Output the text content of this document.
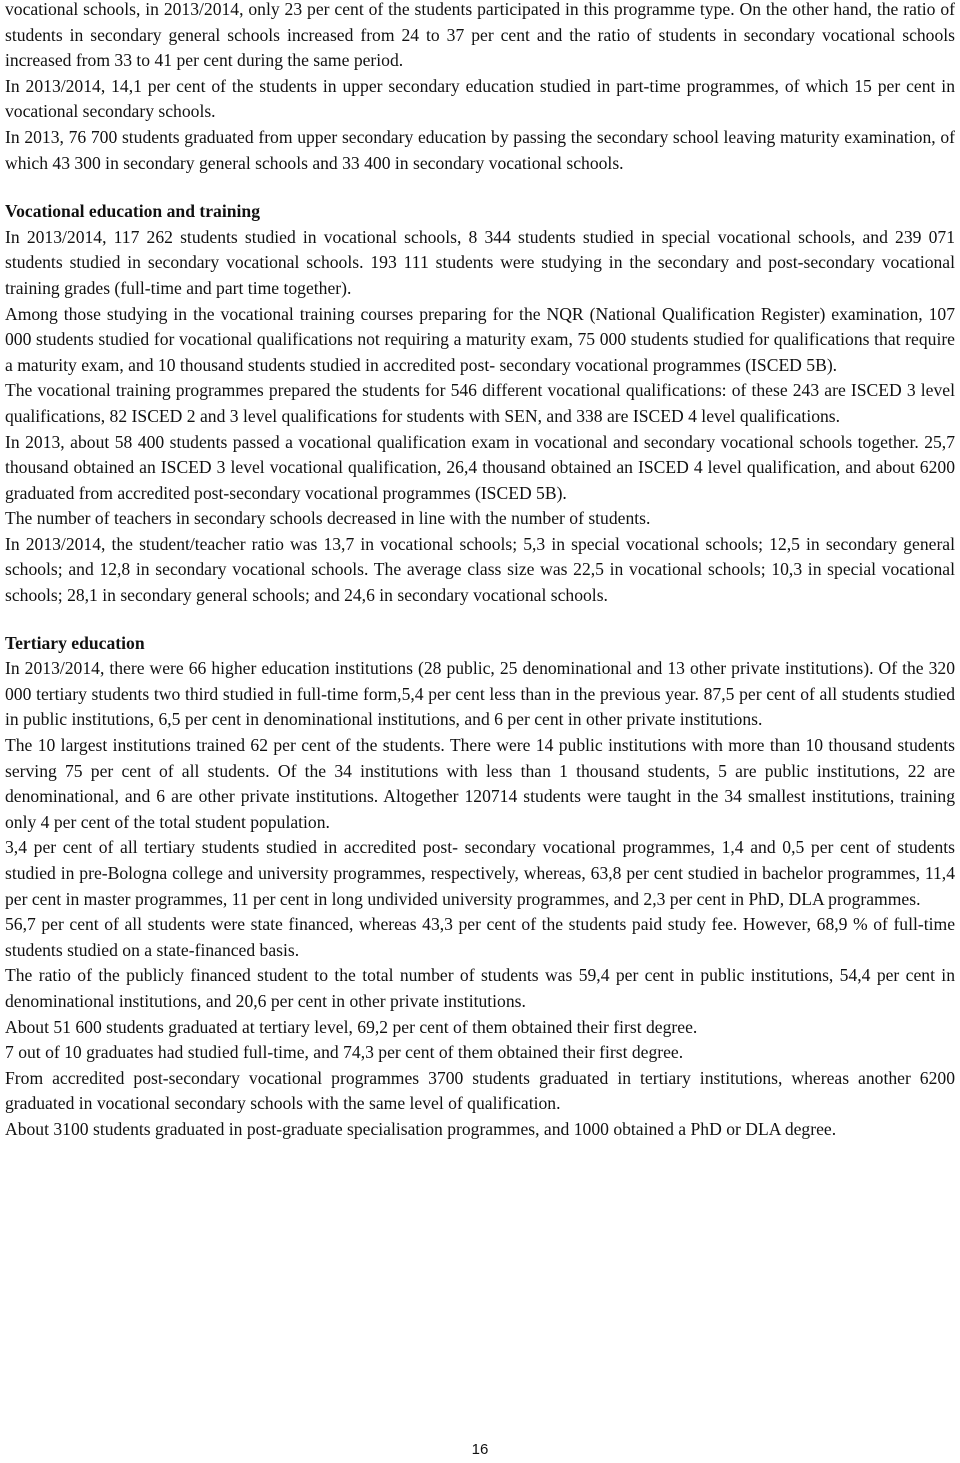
vocational schools, in 2013/2014, only 23 per cent of the students participated in this programme type. On the other hand, the ratio of students in secondary general schools increased from 24 to 37 per cent and the ratio of students in secondary vocational schools increased from 33 to 41 per cent during the same period.

In 2013/2014, 14,1 per cent of the students in upper secondary education studied in part-time programmes, of which 15 per cent in vocational secondary schools.

In 2013, 76 700 students graduated from upper secondary education by passing the secondary school leaving maturity examination, of which 43 300 in secondary general schools and 33 400 in secondary vocational schools.

Vocational education and training

In 2013/2014, 117 262 students studied in vocational schools, 8 344 students studied in special vocational schools, and 239 071 students studied in secondary vocational schools. 193 111 students were studying in the secondary and post-secondary vocational training grades (full-time and part time together).

Among those studying in the vocational training courses preparing for the NQR (National Qualification Register) examination, 107 000 students studied for vocational qualifications not requiring a maturity exam, 75 000 students studied for qualifications that require a maturity exam, and 10 thousand students studied in accredited post- secondary vocational programmes (ISCED 5B).

The vocational training programmes prepared the students for 546 different vocational qualifications: of these 243 are ISCED 3 level qualifications, 82 ISCED 2 and 3 level qualifications for students with SEN, and 338 are ISCED 4 level qualifications.

In 2013, about 58 400 students passed a vocational qualification exam in vocational and secondary vocational schools together. 25,7 thousand obtained an ISCED 3 level vocational qualification, 26,4 thousand obtained an ISCED 4 level qualification, and about 6200 graduated from accredited post-secondary vocational programmes (ISCED 5B).

The number of teachers in secondary schools decreased in line with the number of students.

In 2013/2014, the student/teacher ratio was 13,7 in vocational schools; 5,3 in special vocational schools; 12,5 in secondary general schools; and 12,8 in secondary vocational schools. The average class size was 22,5 in vocational schools; 10,3 in special vocational schools; 28,1 in secondary general schools; and 24,6 in secondary vocational schools.

Tertiary education

In 2013/2014, there were 66 higher education institutions (28 public, 25 denominational and 13 other private institutions). Of the 320 000 tertiary students two third studied in full-time form,5,4 per cent less than in the previous year. 87,5 per cent of all students studied in public institutions, 6,5 per cent in denominational institutions, and 6 per cent in other private institutions.

The 10 largest institutions trained 62 per cent of the students. There were 14 public institutions with more than 10 thousand students serving 75 per cent of all students. Of the 34 institutions with less than 1 thousand students, 5 are public institutions, 22 are denominational, and 6 are other private institutions. Altogether 120714 students were taught in the 34 smallest institutions, training only 4 per cent of the total student population.

3,4 per cent of all tertiary students studied in accredited post- secondary vocational programmes, 1,4 and 0,5 per cent of students studied in pre-Bologna college and university programmes, respectively, whereas, 63,8 per cent studied in bachelor programmes, 11,4 per cent in master programmes, 11 per cent in long undivided university programmes, and 2,3 per cent in PhD, DLA programmes.

56,7 per cent of all students were state financed, whereas 43,3 per cent of the students paid study fee. However, 68,9 % of full-time students studied on a state-financed basis.

The ratio of the publicly financed student to the total number of students was 59,4 per cent in public institutions, 54,4 per cent in denominational institutions, and 20,6 per cent in other private institutions.

About 51 600 students graduated at tertiary level, 69,2 per cent of them obtained their first degree.

7 out of 10 graduates had studied full-time, and 74,3 per cent of them obtained their first degree.

From accredited post-secondary vocational programmes 3700 students graduated in tertiary institutions, whereas another 6200 graduated in vocational secondary schools with the same level of qualification.

About 3100 students graduated in post-graduate specialisation programmes, and 1000 obtained a PhD or DLA degree.

16
